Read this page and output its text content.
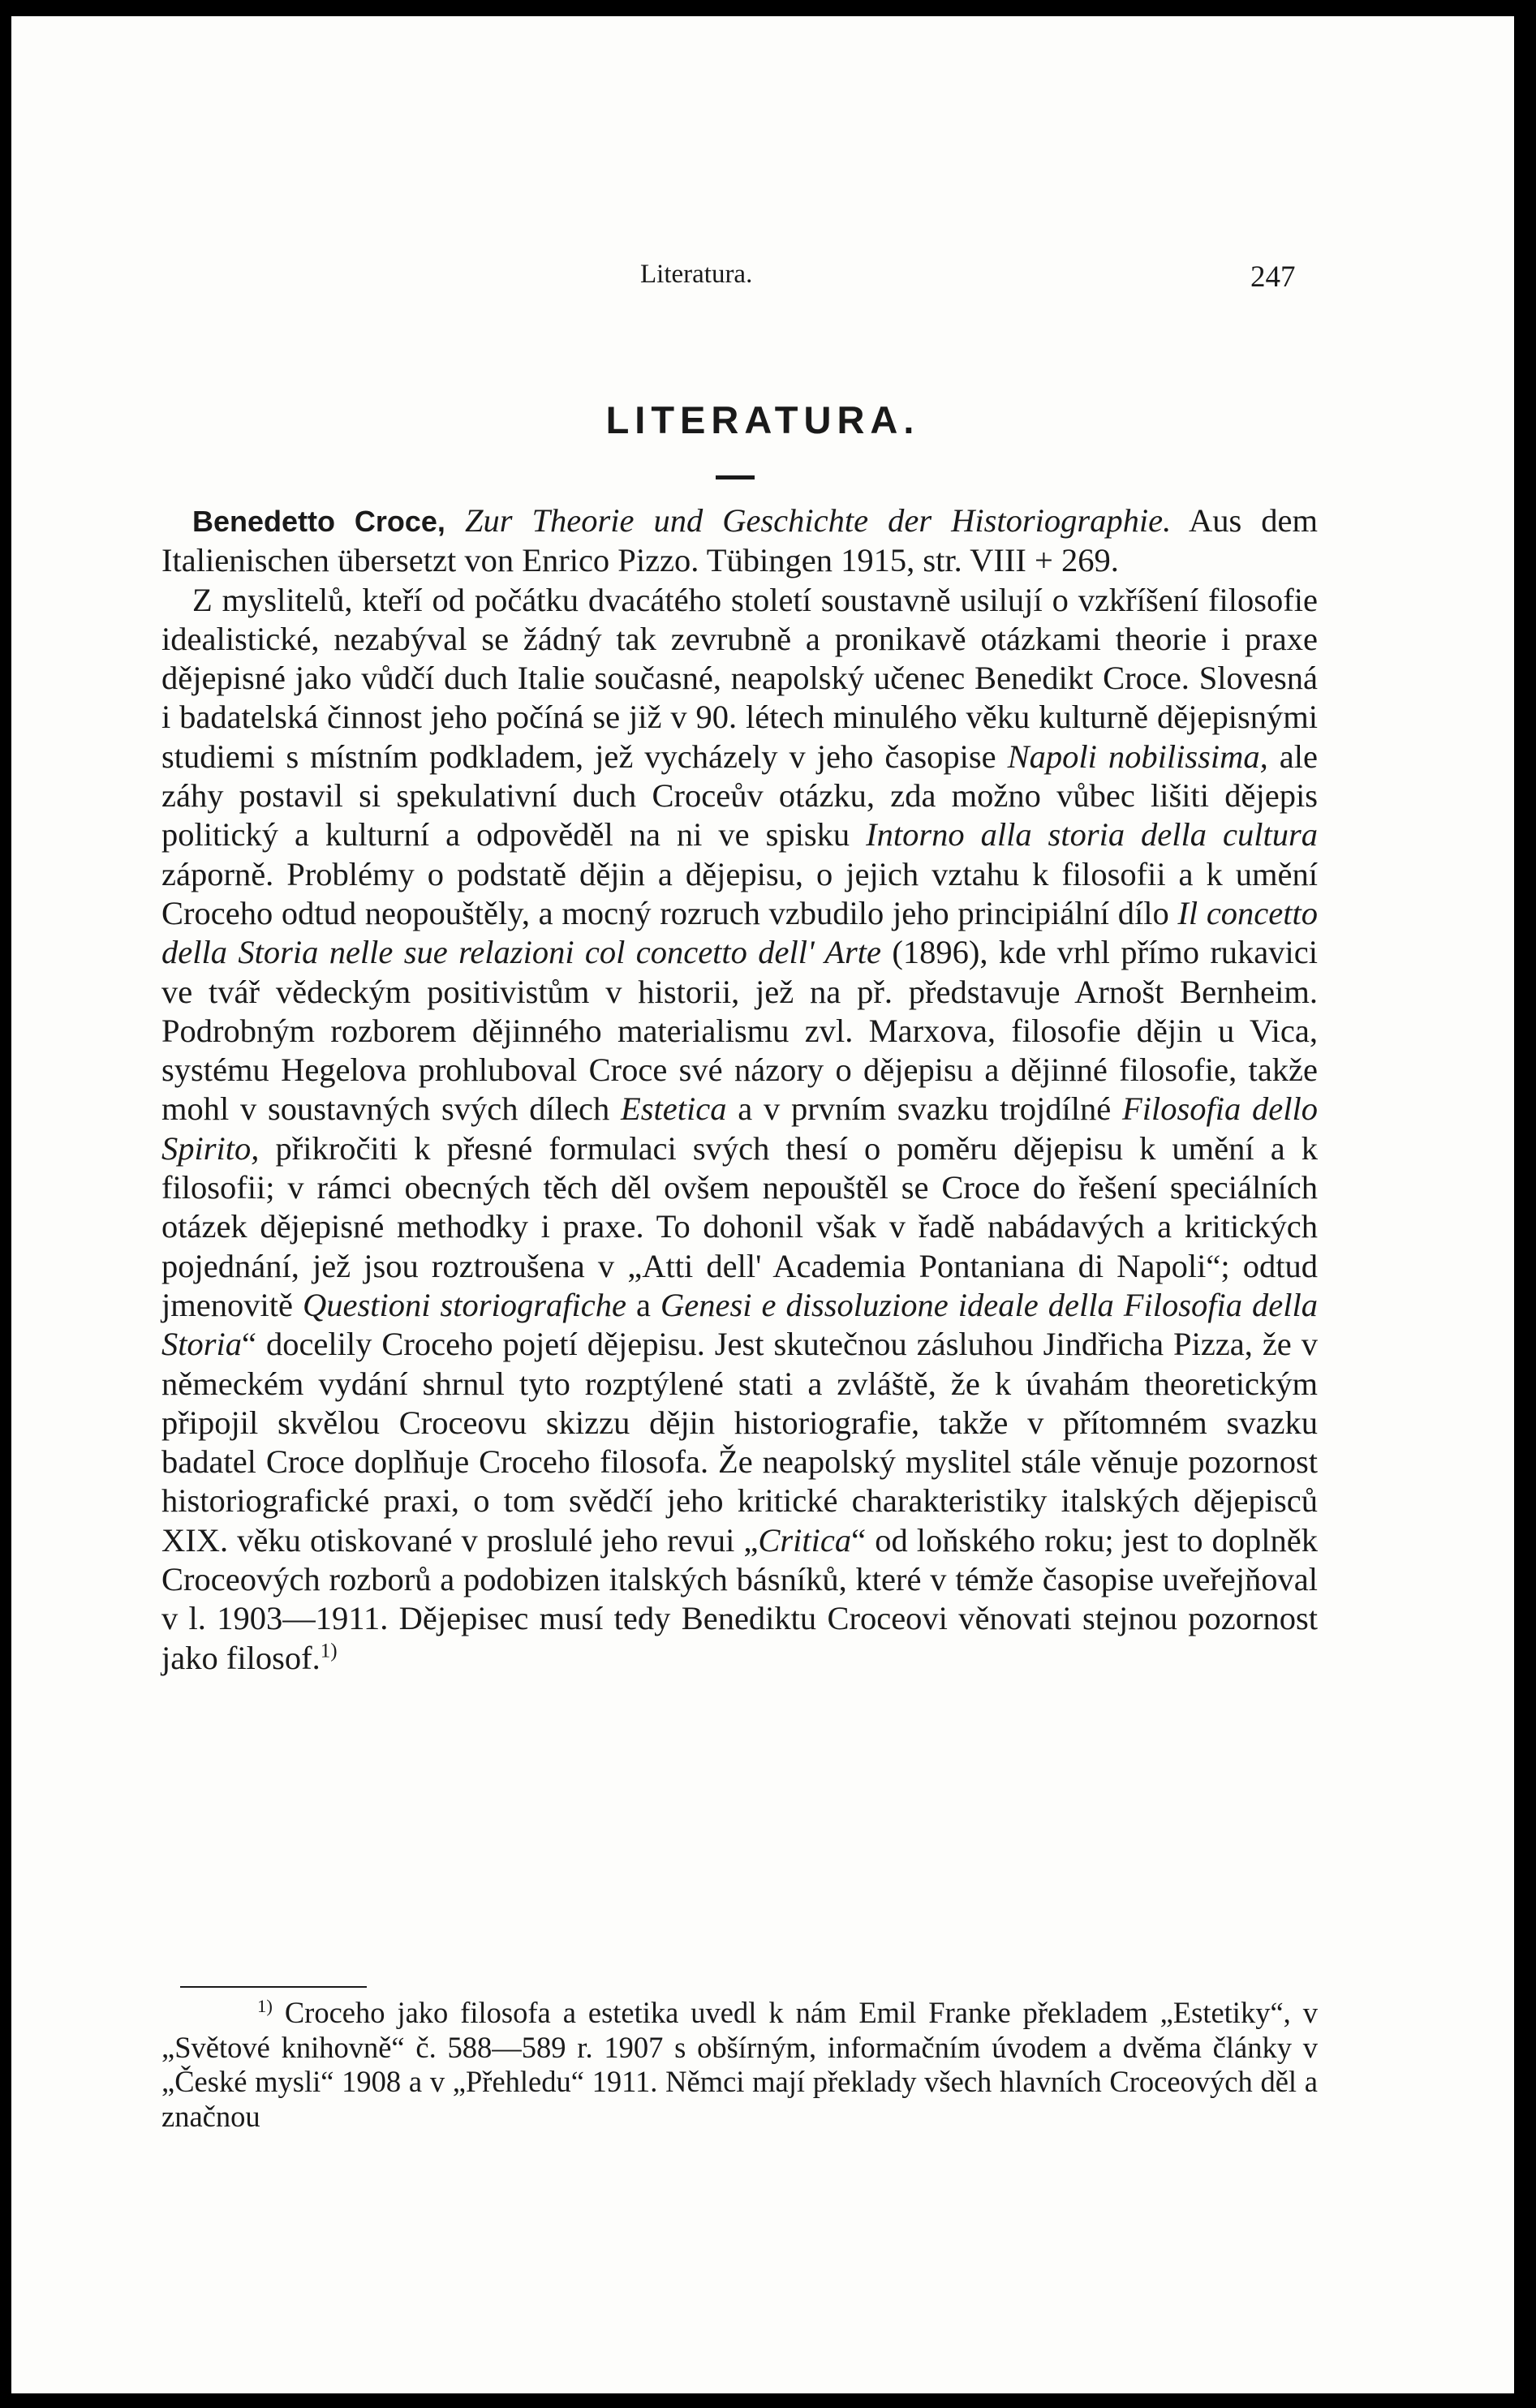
Literatura.	247
LITERATURA.

Benedetto Croce, Zur Theorie und Geschichte der Historiographie. Aus dem Italienischen übersetzt von Enrico Pizzo. Tübingen 1915, str. VIII + 269.

Z myslitelů, kteří od počátku dvacátého století soustavně usilují o vzkříšení filosofie idealistické, nezabýval se žádný tak zevrubně a pronikavě otázkami theorie i praxe dějepisné jako vůdčí duch Italie současné, neapolský učenec Benedikt Croce. Slovesná i badatelská činnost jeho počíná se již v 90. létech minulého věku kulturně dějepisnými studiemi s místním podkladem, jež vycházely v jeho časopise Napoli nobilissima, ale záhy postavil si spekulativní duch Croceův otázku, zda možno vůbec lišiti dějepis politický a kulturní a odpověděl na ni ve spisku Intorno alla storia della cultura záporně. Problémy o podstatě dějin a dějepisu, o jejich vztahu k filosofii a k umění Croceho odtud neopouštěly, a mocný rozruch vzbudilo jeho principiální dílo Il concetto della Storia nelle sue relazioni col concetto dell' Arte (1896), kde vrhl přímo rukavici ve tvář vědeckým positivistům v historii, jež na př. představuje Arnošt Bernheim. Podrobným rozborem dějinného materialismu zvl. Marxova, filosofie dějin u Vica, systému Hegelova prohluboval Croce své názory o dějepisu a dějinné filosofie, takže mohl v soustavných svých dílech Estetica a v prvním svazku trojdílné Filosofia dello Spirito, přikročiti k přesné formulaci svých thesí o poměru dějepisu k umění a k filosofii; v rámci obecných těch děl ovšem nepouštěl se Croce do řešení speciálních otázek dějepisné methodky i praxe. To dohonil však v řadě nabádavých a kritických pojednání, jež jsou roztroušena v „Atti dell' Academia Pontaniana di Napoli“; odtud jmenovitě Questioni storiografiche a Genesi e dissoluzione ideale della Filosofia della Storia“ docelily Croceho pojetí dějepisu. Jest skutečnou zásluhou Jindřicha Pizza, že v německém vydání shrnul tyto rozptýlené stati a zvláště, že k úvahám theoretickým připojil skvělou Croceovu skizzu dějin historiografie, takže v přítomném svazku badatel Croce doplňuje Croceho filosofa. Že neapolský myslitel stále věnuje pozornost historiografické praxi, o tom svědčí jeho kritické charakteristiky italských dějepisců XIX. věku otiskované v proslulé jeho revui „Critica“ od loňského roku; jest to doplněk Croceových rozborů a podobizen italských básníků, které v témže časopise uveřejňoval v l. 1903—1911. Dějepisec musí tedy Benediktu Croceovi věnovati stejnou pozornost jako filosof.$^{1)}$

$^{1)}$ Croceho jako filosofa a estetika uvedl k nám Emil Franke překladem „Estetiky“, v „Světové knihovně“ č. 588—589 r. 1907 s obšírným, informačním úvodem a dvěma články v „České mysli“ 1908 a v „Přehledu“ 1911. Němci mají překlady všech hlavních Croceových děl a značnou
